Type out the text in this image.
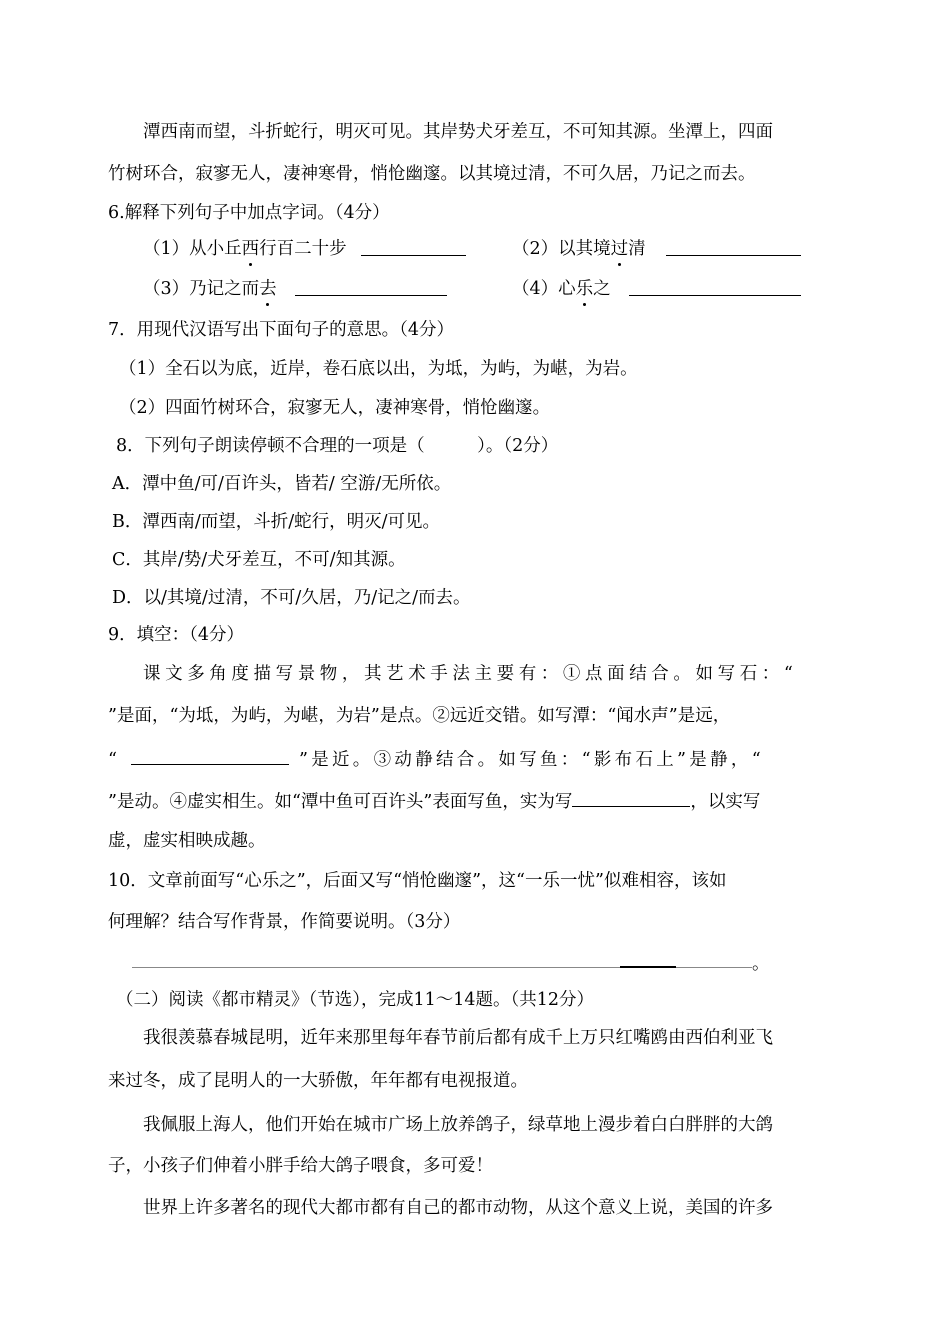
潭西南而望，斗折蛇行，明灭可见。其岸势犬牙差互，不可知其源。坐潭上，四面
竹树环合，寂寥无人，凄神寒骨，悄怆幽邃。以其境过清，不可久居，乃记之而去。
6.解释下列句子中加点字词。（4分）
（1）从小丘西行百二十步	（2）以其境过清
（3）乃记之而去	（4）心乐之
7．用现代汉语写出下面句子的意思。（4分）
（1）全石以为底，近岸，卷石底以出，为坻，为屿，为嵁，为岩。
（2）四面竹树环合，寂寥无人，凄神寒骨，悄怆幽邃。
8．下列句子朗读停顿不合理的一项是（　　　）。（2分）
A．潭中鱼/可/百许头，皆若/ 空游/无所依。
B．潭西南/而望，斗折/蛇行，明灭/可见。
C．其岸/势/犬牙差互，不可/知其源。
D．以/其境/过清，不可/久居，乃/记之/而去。
9．填空：（4分）
课文多角度描写景物，其艺术手法主要有：①点面结合。如写石：“
”是面，“为坻，为屿，为嵁，为岩”是点。②远近交错。如写潭：“闻水声”是远，
“	”是近。③动静结合。如写鱼：“影布石上”是静，“
”是动。④虚实相生。如“潭中鱼可百许头”表面写鱼，实为写	，以实写
虚，虚实相映成趣。
10．文章前面写“心乐之”，后面又写“悄怆幽邃”，这“一乐一忧”似难相容，该如
何理解？结合写作背景，作简要说明。（3分）
。
（二）阅读《都市精灵》（节选），完成11～14题。（共12分）
我很羡慕春城昆明，近年来那里每年春节前后都有成千上万只红嘴鸥由西伯利亚飞
来过冬，成了昆明人的一大骄傲，年年都有电视报道。
我佩服上海人，他们开始在城市广场上放养鸽子，绿草地上漫步着白白胖胖的大鸽
子，小孩子们伸着小胖手给大鸽子喂食，多可爱！
世界上许多著名的现代大都市都有自己的都市动物，从这个意义上说，美国的许多
